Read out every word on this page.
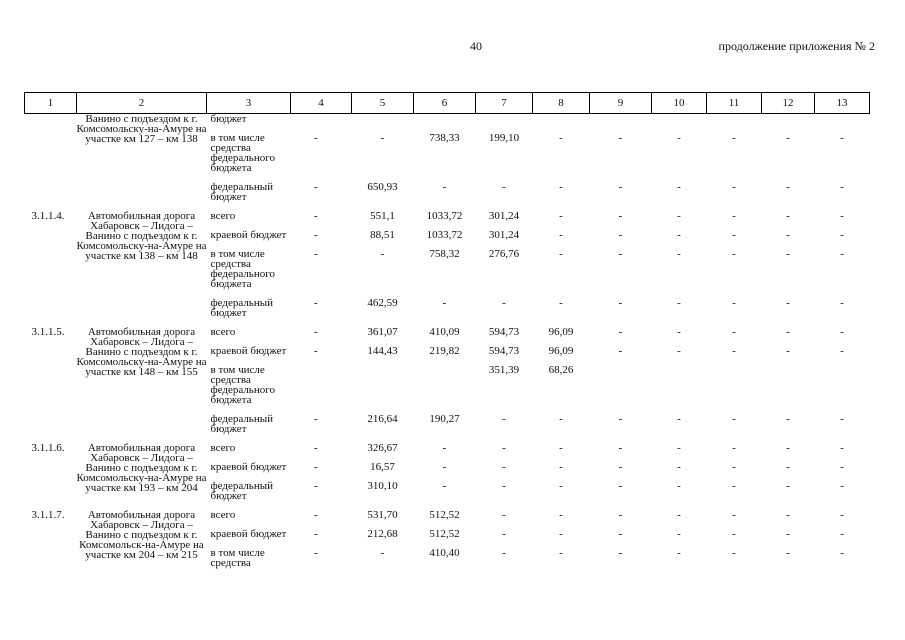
40	продолжение приложения № 2
1	2	3	4	5	6	7	8	9	10	11	12	13
	Ванино с подъездом к г. Комсомольску-на-Амуре на участке км 127 – км 138	бюджет										
		в том числе средства федерального бюджета	-	-	738,33	199,10	-	-	-	-	-	-
		федеральный бюджет	-	650,93	-	-	-	-	-	-	-	-
3.1.1.4.	Автомобильная дорога Хабаровск – Лидога – Ванино с подъездом к г. Комсомольску-на-Амуре на участке км 138 – км 148	всего	-	551,1	1033,72	301,24	-	-	-	-	-	-
		краевой бюджет	-	88,51	1033,72	301,24	-	-	-	-	-	-
		в том числе средства федерального бюджета	-	-	758,32	276,76	-	-	-	-	-	-
		федеральный бюджет	-	462,59	-	-	-	-	-	-	-	-
3.1.1.5.	Автомобильная дорога Хабаровск – Лидога – Ванино с подъездом к г. Комсомольску-на-Амуре на участке км 148 – км 155	всего	-	361,07	410,09	594,73	96,09	-	-	-	-	-
		краевой бюджет	-	144,43	219,82	594,73	96,09	-	-	-	-	-
		в том числе средства федерального бюджета				351,39	68,26					
		федеральный бюджет	-	216,64	190,27	-	-	-	-	-	-	-
3.1.1.6.	Автомобильная дорога Хабаровск – Лидога – Ванино с подъездом к г. Комсомольску-на-Амуре на участке км 193 – км 204	всего	-	326,67	-	-	-	-	-	-	-	-
		краевой бюджет	-	16,57	-	-	-	-	-	-	-	-
		федеральный бюджет	-	310,10	-	-	-	-	-	-	-	-
3.1.1.7.	Автомобильная дорога Хабаровск – Лидога – Ванино с подъездом к г. Комсомольск-на-Амуре на участке км 204 – км 215	всего	-	531,70	512,52	-	-	-	-	-	-	-
		краевой бюджет	-	212,68	512,52	-	-	-	-	-	-	-
		в том числе средства	-	-	410,40	-	-	-	-	-	-	-
